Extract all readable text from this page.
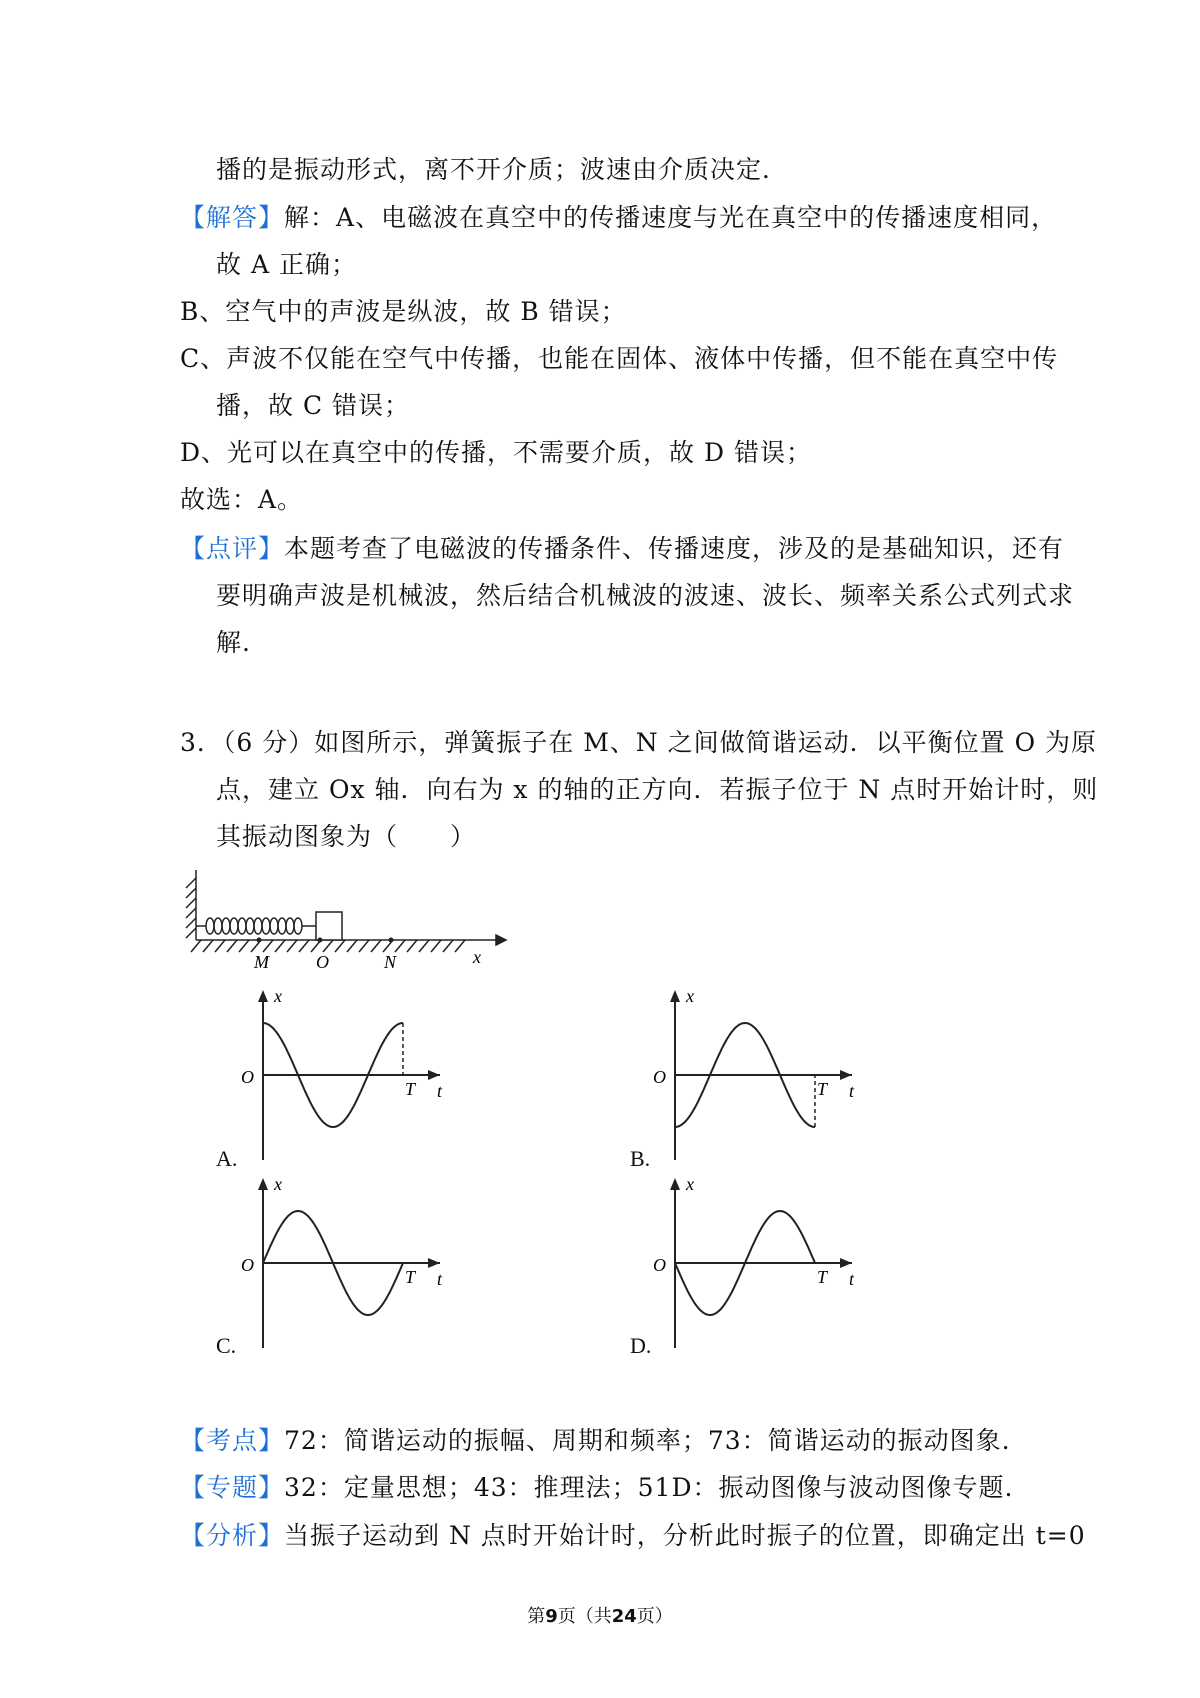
播的是振动形式，离不开介质；波速由介质决定．
【解答】解：A、电磁波在真空中的传播速度与光在真空中的传播速度相同，
故 A 正确；
B、空气中的声波是纵波，故 B 错误；
C、声波不仅能在空气中传播，也能在固体、液体中传播，但不能在真空中传
播，故 C 错误；
D、光可以在真空中的传播，不需要介质，故 D 错误；
故选：A。
【点评】本题考查了电磁波的传播条件、传播速度，涉及的是基础知识，还有
要明确声波是机械波，然后结合机械波的波速、波长、频率关系公式列式求
解.
3．（6 分）如图所示，弹簧振子在 M、N 之间做简谐运动．以平衡位置 O 为原
点，建立 Ox 轴．向右为 x 的轴的正方向．若振子位于 N 点时开始计时，则
其振动图象为（　　）
M	O	N	x
A.	B.
C.	D.
x
t
O
T
x
t
O
T
x
t
O
T
x
t
O
T
【考点】72：简谐运动的振幅、周期和频率；73：简谐运动的振动图象.
【专题】32：定量思想；43：推理法；51D：振动图像与波动图像专题.
【分析】当振子运动到 N 点时开始计时，分析此时振子的位置，即确定出 t=0
第9页（共24页）
